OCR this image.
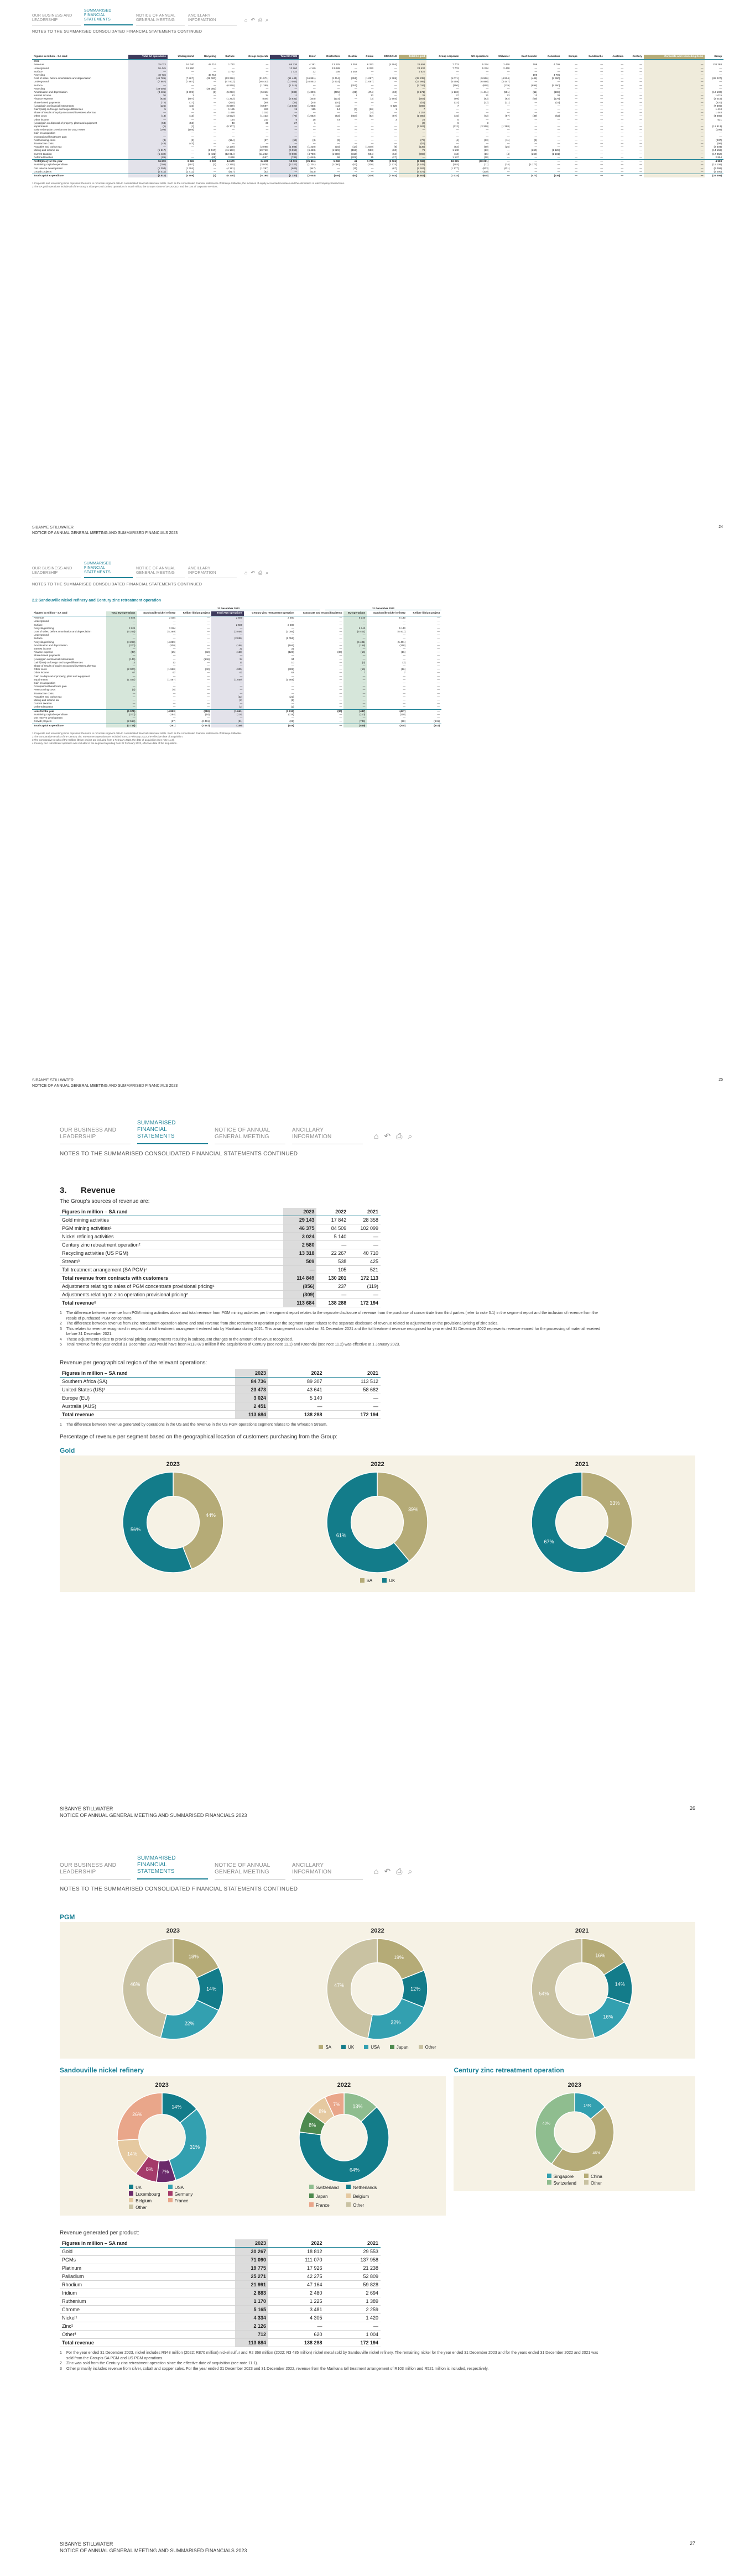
OUR BUSINESS AND LEADERSHIP
SUMMARISED FINANCIAL STATEMENTS
NOTICE OF ANNUAL GENERAL MEETING
ANCILLARY INFORMATION	⌂ ↶ ⎙ ⌕
NOTES TO THE SUMMARISED CONSOLIDATED FINANCIAL STATEMENTS CONTINUED
Figures in million – SA rand	Total SA operations	Underground	Recycling	Surface	Group corporate	Total SA PGM	Kloof	Driefontein	Beatrix	Cooke	DRDGOLD	Total SA gold	Group corporate	US operations	Stillwater	East Boulder	Columbus	Europe	Sandouville	Australia	Century	Corporate and reconciling items	Group
2022																							
Revenue	75 023	16 040	48 716	1 732	—	66 336	4 181	13 225	1 352	6 292	(4 594)	28 698	7 703	5 294	2 460	199	4 795	—	—	—	—	—	138 288
Underground	26 445	12 560	—	—	—	12 560	4 149	13 089	—	6 292	—	23 530	7 703	5 294	2 460	—	—	—	—	—	—	—	—
Surface	—	—	—	1 732	—	1 732	32	136	1 352	—	—	1 520	—	—	—	—	—	—	—	—	—	—	—
Recycling	48 716	—	48 716	—	—	—	—	—	—	—	—	—	—	—	—	199	4 795	—	—	—	—	—	—
Cost of sales, before amortisation and depreciation	(46 785)	(7 867)	(39 000)	(63 226)	(31 971)	(11 444)	(16 851)	(2 414)	(351)	(1 087)	(1 388)	(32 235)	(5 071)	(9 966)	(4 824)	(448)	(5 360)	—	—	—	—	—	(88 227)
Underground	(7 867)	(7 867)	—	(47 602)	(46 443)	(10 055)	(16 851)	(2 414)	—	(1 087)	—	(13 995)	(5 559)	(6 986)	(3 447)	—	—	—	—	—	—	—	—
Surface	—	—	—	(6 859)	(1 389)	(1 019)	—	—	(351)	—	—	(2 034)	(150)	(858)	(119)	(898)	(5 360)	—	—	—	—	—	—
Recycling	(39 000)	—	(39 000)	—	—	—	—	—	—	—	—	—	—	—	—	—	—	—	—	—	—	—	—
Amortisation and depreciation	(3 431)	(3 399)	(3)	(5 293)	(5 316)	(883)	(1 399)	(495)	(31)	(474)	(60)	(3 171)	(1 132)	(1 444)	(581)	(11)	(198)	—	—	—	—	—	(13 100)
Interest income	30	3	—	23	34	11	71	7	1	12	—	36	47	31	23	13	36	—	—	—	—	—	1 015
Finance expense	(934)	(897)	—	(1 253)	(846)	(6 831)	(348)	(114)	—	(3)	(1 994)	(567)	(99)	(83)	(62)	(69)	(178)	—	—	—	—	—	(3 016)
Share-based payments	(72)	(17)	—	(315)	(89)	(35)	(48)	(10)	—	—	—	(51)	(32)	(32)	(21)	—	(15)	—	—	—	—	—	(520)
(Loss)/gain on financial instruments	(125)	(32)	—	(6 069)	(6 597)	(13 020)	(1 958)	(11)	—	—	6 926	(286)	7	—	—	—	—	—	—	—	—	—	(7 390)
Gain/(loss) on foreign exchange differences	5	5	—	1 185	263	19	155	14	(7)	(20)	1	7	—	—	—	—	—	—	—	—	—	—	1 410
Share of results of equity-accounted investees after tax	—	—	—	1 488	1 152	—	—	—	—	(4)	—	1 152	—	—	—	—	—	—	—	—	—	—	1 448
Other costs	(13)	(13)	—	(3 502)	(1 423)	(72)	(1 052)	(82)	(404)	(62)	(87)	(1 380)	(15)	(73)	(67)	(39)	(52)	—	—	—	—	—	(4 680)
Other income	—	—	—	154	217	5	28	73	—	—	3	25	5	—	—	—	—	—	—	—	—	—	531
(Loss)/gain on disposal of property, plant and equipment	(53)	(53)	—	48	38	27	1	—	—	—	—	(4)	6	3	—	—	—	—	—	—	—	—	—
Impairments	(1)	(1)	—	(5 107)	—	—	—	—	—	—	—	(7 567)	(112)	(3 260)	(1 398)	—	—	—	—	—	—	—	(12 813)
Early redemption premium on the 2022 Notes	(198)	(198)	—	—	—	—	—	—	—	—	—	—	—	—	—	—	—	—	—	—	—	—	(198)
Gain on acquisition	—	—	—	—	—	—	—	—	—	—	—	—	—	—	—	—	—	—	—	—	—	—	—
Occupational healthcare gain	—	—	—	—	—	—	—	—	—	—	—	—	—	—	—	—	—	—	—	—	—	—	—
Restructuring costs	(3)	(3)	—	(194)	(37)	(53)	(3)	(3)	—	—	—	(77)	(4)	(33)	(11)	(3)	—	—	—	—	—	—	(237)
Transaction costs	(43)	(43)	—	—	—	—	—	—	—	—	—	(53)	—	—	—	—	—	—	—	—	—	—	(96)
Royalties and carbon tax	—	—	—	(2 178)	(2 098)	(1 804)	(1 230)	(15)	(14)	(1 840)	(9)	(135)	(52)	(60)	(25)	—	—	—	—	—	—	—	(2 304)
Mining and income tax	(1 517)	—	(1 517)	(11 183)	(10 713)	(6 958)	(6 428)	(1 829)	(158)	(593)	(60)	76	1 140	(23)	—	(260)	(1 128)	—	—	—	—	—	(14 158)
Current taxation	(1 432)	—	(1 432)	(12 014)	(11 262)	(9 806)	(4 780)	(1 908)	(318)	(594)	(64)	(369)	(13)	(16)	(4)	(260)	(1 181)	—	—	—	—	—	(17 052)
Deferred taxation	(85)	—	(85)	2 038	(557)	(785)	(1 648)	68	(208)	15	(27)	—	1 147	(28)	—	—	—	—	—	—	—	—	2 894
Profit/(loss) for the year	16 670	8 026	2 097	14 670	24 200	10 031	(25 811)	5 240	41	1 785	(2 026)	(2 086)	18 081	(18 081)	—	—	—	—	—	—	—	—	4 998
Sustaining capital expenditure	(796)	(797)	(2)	(2 255)	(3 978)	(3 327)	(1 201)	(1 090)	(53)	(336)	(1 274)	(1 249)	(303)	(11)	(74)	(4 177)	—	—	—	—	—	—	(15 106)
Ore reserve development	(1 304)	(1 304)	—	(4 191)	(1 297)	(609)	(947)	—	(11)	—	(67)	(2 604)	(1 177)	(933)	(431)	—	—	—	—	—	—	—	(6 099)
Growth projects	(2 411)	(2 411)	—	(917)	(53)	—	(523)	—	—	—	—	(4 873)	—	(100)	—	—	—	—	—	—	—	—	(8 290)
Total capital expenditure	(4 511)	(4 509)	(2)	(8 170)	(5 195)	(1 330)	(2 048)	(546)	(64)	(339)	(7 544)	(5 502)	(1 414)	(648)	—	(477)	(236)	—	—	—	—	—	(29 495)
1 Corporate and reconciling items represent the items to reconcile segment data to consolidated financial statement totals. Such as the consolidated financial statements of Sibanye Stillwater, the inclusion of equity-accounted investees and the elimination of intercompany transactions.
2 The SA gold operations include all of the Group's Sibanye Gold Limited operations in South Africa, the Group's share of DRDGOLD, and the cost of corporate services.
SIBANYE STILLWATER
NOTICE OF ANNUAL GENERAL MEETING AND SUMMARISED FINANCIALS 2023
24
OUR BUSINESS AND LEADERSHIP
SUMMARISED FINANCIAL STATEMENTS
NOTICE OF ANNUAL GENERAL MEETING
ANCILLARY INFORMATION	⌂ ↶ ⎙ ⌕
NOTES TO THE SUMMARISED CONSOLIDATED FINANCIAL STATEMENTS CONTINUED
2.2 Sandouville nickel refinery and Century zinc retreatment operation
31 December 2023	31 December 2022
Figures in million – SA rand	Total EU operations	Sandouville nickel refinery	Keliber lithium project	Total AUS operations	Century zinc retreatment operation	Corporate and reconciling items	EU operations	Sandouville nickel refinery	Keliber lithium project
Revenue	3 024	3 024	—	2 580	2 580	—	5 140	5 140	—
Underground	—	—	—	—	—	—	—	—	—
Surface	—	—	—	2 580	2 580	—	—	—	—
Recycling/refining	3 024	3 024	—	—	—	—	5 140	5 140	—
Cost of sales, before amortisation and depreciation	(4 289)	(4 289)	—	(2 056)	(2 056)	—	(5 401)	(5 401)	—
Underground	—	—	—	—	—	—	—	—	—
Surface	—	—	—	(2 056)	(2 056)	—	—	—	—
Recycling/refining	(4 289)	(4 289)	—	—	—	—	(5 401)	(5 401)	—
Amortisation and depreciation	(200)	(200)	—	(166)	(166)	—	(158)	(158)	—
Interest income	—	—	—	31	31	—	—	—	—
Finance expense	(47)	(15)	(32)	(158)	(128)	(30)	(16)	(16)	—
Share-based payments	—	—	—	—	—	—	—	—	—
(Loss)/gain on financial instruments	(146)	—	(146)	34	34	—	—	—	—
Gain/(loss) on foreign exchange differences	13	13	—	10	10	—	(3)	(3)	—
Share of results of equity-accounted investees after tax	—	—	—	—	—	—	—	—	—
Other costs	(2 000)	(1 960)	(40)	(305)	(305)	—	(16)	(16)	—
Other income	67	67	—	62	62	—	7	7	—
Gain on disposal of property, plant and equipment	—	—	—	—	—	—	—	—	—
Impairments	(1 497)	(1 497)	—	(1 669)	(1 669)	—	—	—	—
Gain on acquisition	—	—	—	—	—	—	—	—	—
Occupational healthcare gain	—	—	—	—	—	—	—	—	—
Restructuring costs	(6)	(6)	—	—	—	—	—	—	—
Transaction costs	—	—	—	—	—	—	—	—	—
Royalties and carbon tax	—	—	—	(22)	(22)	—	—	—	—
Mining and income tax	—	—	—	(2)	(2)	—	—	—	—
Current taxation	—	—	—	—	—	—	—	—	—
Deferred taxation	—	—	—	(2)	(2)	—	—	—	—
Loss for the year	(5 071)	(4 853)	(218)	(1 641)	(1 611)	(30)	(447)	(447)	—
Sustaining capital expenditure	(200)	(184)	(16)	(118)	(118)	—	(110)	(110)	—
Ore reserve development	—	—	—	—	—	—	—	—	—
Growth projects	(2 518)	(67)	(2 451)	(31)	(31)	—	(739)	(98)	(641)
Total capital expenditure	(2 718)	(251)	(2 467)	(149)	(149)	—	(849)	(208)	(641)
1 Corporate and reconciling items represent the items to reconcile segment data to consolidated financial statement totals. Such as the consolidated financial statements of Sibanye Stillwater.
2 The comparative results of the Century zinc retreatment operation are included from 22 February 2022, the effective date of acquisition.
3 The comparative results of the Keliber lithium project are included from 1 February 2022, the date of acquisition (see note 11.3).
4 Century zinc retreatment operation was included in the segment reporting from 22 February 2022, effective date of the acquisition.
SIBANYE STILLWATER
NOTICE OF ANNUAL GENERAL MEETING AND SUMMARISED FINANCIALS 2023
25
OUR BUSINESS AND LEADERSHIP
SUMMARISED FINANCIAL STATEMENTS
NOTICE OF ANNUAL GENERAL MEETING
ANCILLARY INFORMATION	⌂ ↶ ⎙ ⌕
NOTES TO THE SUMMARISED CONSOLIDATED FINANCIAL STATEMENTS CONTINUED
3. Revenue
The Group's sources of revenue are:
Figures in million – SA rand	2023	2022	2021
Gold mining activities	29 143	17 842	28 358
PGM mining activities¹	46 375	84 509	102 099
Nickel refining activities	3 024	5 140	—
Century zinc retreatment operation²	2 580	—	—
Recycling activities (US PGM)	13 318	22 267	40 710
Stream³	509	538	425
Toll treatment arrangement (SA PGM)⁴	—	105	521
Total revenue from contracts with customers	114 849	130 201	172 113
Adjustments relating to sales of PGM concentrate provisional pricing⁵	(856)	237	(119)
Adjustments relating to zinc operation provisional pricing²	(309)	—	—
Total revenue⁵	113 684	138 288	172 194
1 The difference between revenue from PGM mining activities above and total revenue from PGM mining activities per the segment report relates to the separate disclosure of revenue from the purchase of concentrate from third parties (refer to note 3.1) in the segment report and the inclusion of revenue from the resale of purchased PGM concentrate.
2 The difference between revenue from zinc retreatment operation above and total revenue from zinc retreatment operation per the segment report relates to the separate disclosure of revenue related to adjustments on the provisional pricing of zinc sales.
3 This relates to revenue recognised in respect of a toll treatment arrangement entered into by Marikana during 2021. This arrangement concluded on 31 December 2021 and the toll treatment revenue recognised for year ended 31 December 2022 represents revenue earned for the processing of material received before 31 December 2021.
4 These adjustments relate to provisional pricing arrangements resulting in subsequent changes to the amount of revenue recognised.
5 Total revenue for the year ended 31 December 2023 would have been R113 879 million if the acquisitions of Century (see note 11.1) and Kroondal (see note 11.2) was effective at 1 January 2023.
Revenue per geographical region of the relevant operations:
Figures in million – SA rand	2023	2022	2021
Southern Africa (SA)	84 736	89 307	113 512
United States (US)¹	23 473	43 641	58 682
Europe (EU)	3 024	5 140	—
Australia (AUS)	2 451	—	—
Total revenue	113 684	138 288	172 194
1 The difference between revenue generated by operations in the US and the revenue in the US PGM operations segment relates to the Wheaton Stream.
Percentage of revenue per segment based on the geographical location of customers purchasing from the Group:
Gold
2023
44%
56%
2022
39%
61%
2021
33%
67%
SA	UK
SIBANYE STILLWATER
NOTICE OF ANNUAL GENERAL MEETING AND SUMMARISED FINANCIALS 2023
26
OUR BUSINESS AND LEADERSHIP
SUMMARISED FINANCIAL STATEMENTS
NOTICE OF ANNUAL GENERAL MEETING
ANCILLARY INFORMATION	⌂ ↶ ⎙ ⌕
NOTES TO THE SUMMARISED CONSOLIDATED FINANCIAL STATEMENTS CONTINUED
PGM
2023
18%
14%
22%
46%
2022
19%
12%
22%
47%
2021
16%
14%
16%
54%
SA	UK	USA	Japan	Other
Sandouville nickel refinery
2023
14%
31%
7%
8%
14%
26%
2022
13%
64%
8%
8%
7%
UK	USA
Luxembourg	Germany
Belgium	France
Other
Switzerland	Netherlands
Japan	Belgium
France	Other
Century zinc retreatment operation
2023
14%
46%
40%
Singapore	China
Switzerland	Other
Revenue generated per product:
Figures in million – SA rand	2023	2022	2021
Gold	30 267	18 812	29 553
PGMs	71 090	111 070	137 958
Platinum	19 775	17 926	21 238
Palladium	25 271	42 275	52 809
Rhodium	21 991	47 164	59 828
Iridium	2 883	2 480	2 694
Ruthenium	1 170	1 225	1 389
Chrome	5 165	3 481	2 259
Nickel¹	4 334	4 305	1 420
Zinc²	2 126	—	—
Other³	712	620	1 004
Total revenue	113 684	138 288	172 194
1 For the year ended 31 December 2023, nickel includes R948 million (2022: R870 million) nickel sulfur and R2 368 million (2022: R3 435 million) nickel metal sold by Sandouville nickel refinery. The remaining nickel for the year ended 31 December 2023 and for the years ended 31 December 2022 and 2021 was sold from the Group's SA PGM and US PGM operations.
2 Zinc was sold from the Century zinc retreatment operation since the effective date of acquisition (see note 11.1).
3 Other primarily includes revenue from silver, cobalt and copper sales. For the year ended 31 December 2023 and 31 December 2022, revenue from the Marikana toll treatment arrangement of R103 million and R521 million is included, respectively.
SIBANYE STILLWATER
NOTICE OF ANNUAL GENERAL MEETING AND SUMMARISED FINANCIALS 2023
27
